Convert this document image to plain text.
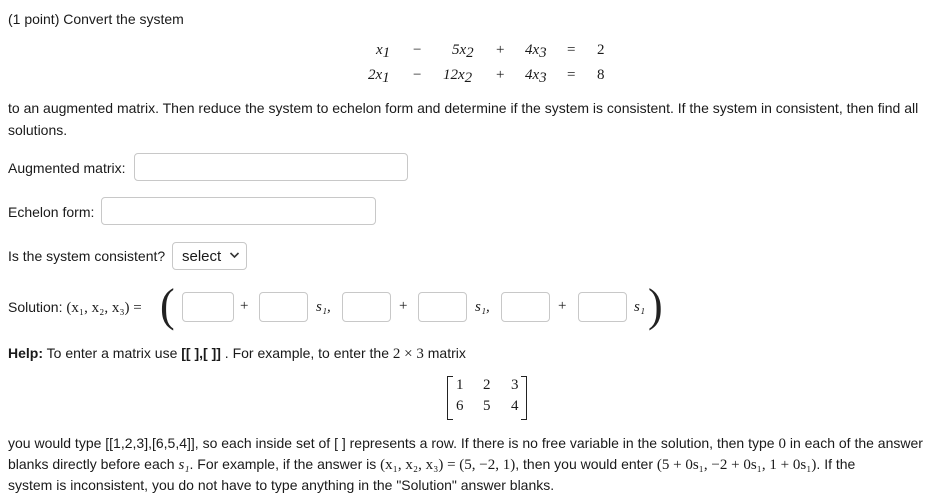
(1 point) Convert the system
$x_1 - 5x_2 + 4x_3 = 2$
$2x_1 - 12x_2 + 4x_3 = 8$
to an augmented matrix. Then reduce the system to echelon form and determine if the system is consistent. If the system in consistent, then find all
solutions.
Augmented matrix:
Echelon form:
Is the system consistent?	select
Solution: (x₁, x₂, x₃) = (	+	s₁,	+	s₁,	+	s₁ )
Help: To enter a matrix use [[ ],[ ]] . For example, to enter the 2 × 3 matrix
1 2 3
6 5 4
you would type [[1,2,3],[6,5,4]], so each inside set of [ ] represents a row. If there is no free variable in the solution, then type 0 in each of the answer
blanks directly before each s₁. For example, if the answer is (x₁, x₂, x₃) = (5, −2, 1), then you would enter (5 + 0s₁, −2 + 0s₁, 1 + 0s₁). If the
system is inconsistent, you do not have to type anything in the "Solution" answer blanks.
